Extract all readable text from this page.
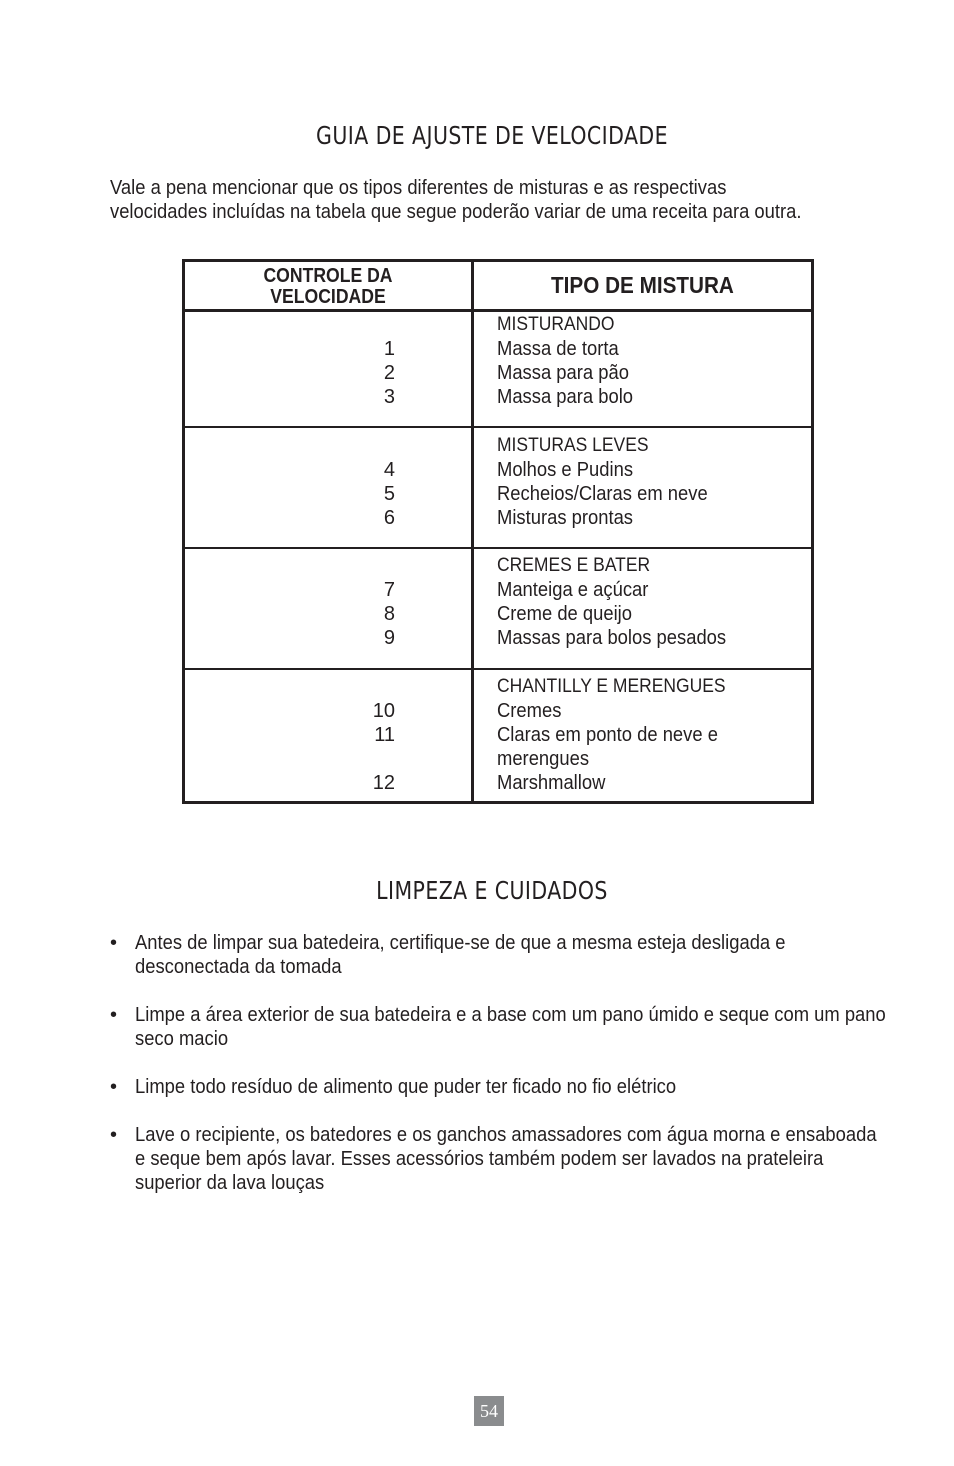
GUIA DE AJUSTE DE VELOCIDADE

Vale a pena mencionar que os tipos diferentes de misturas e as respectivas
velocidades incluídas na tabela que segue poderão variar de uma receita para outra.

CONTROLE DA
VELOCIDADE	TIPO DE MISTURA
1
2
3
MISTURANDO
Massa de torta
Massa para pão
Massa para bolo
4
5
6
MISTURAS LEVES
Molhos e Pudins
Recheios/Claras em neve
Misturas prontas
7
8
9
CREMES E BATER
Manteiga e açúcar
Creme de queijo
Massas para bolos pesados
10
11
12
CHANTILLY E MERENGUES
Cremes
Claras em ponto de neve e
merengues
Marshmallow
LIMPEZA E CUIDADOS
• Antes de limpar sua batedeira, certifique-se de que a mesma esteja desligada e desconectada da tomada
• Limpe a área exterior de sua batedeira e a base com um pano úmido e seque com um pano seco macio
• Limpe todo resíduo de alimento que puder ter ficado no fio elétrico
• Lave o recipiente, os batedores e os ganchos amassadores com água morna e ensaboada e seque bem após lavar. Esses acessórios também podem ser lavados na prateleira superior da lava louças
54
